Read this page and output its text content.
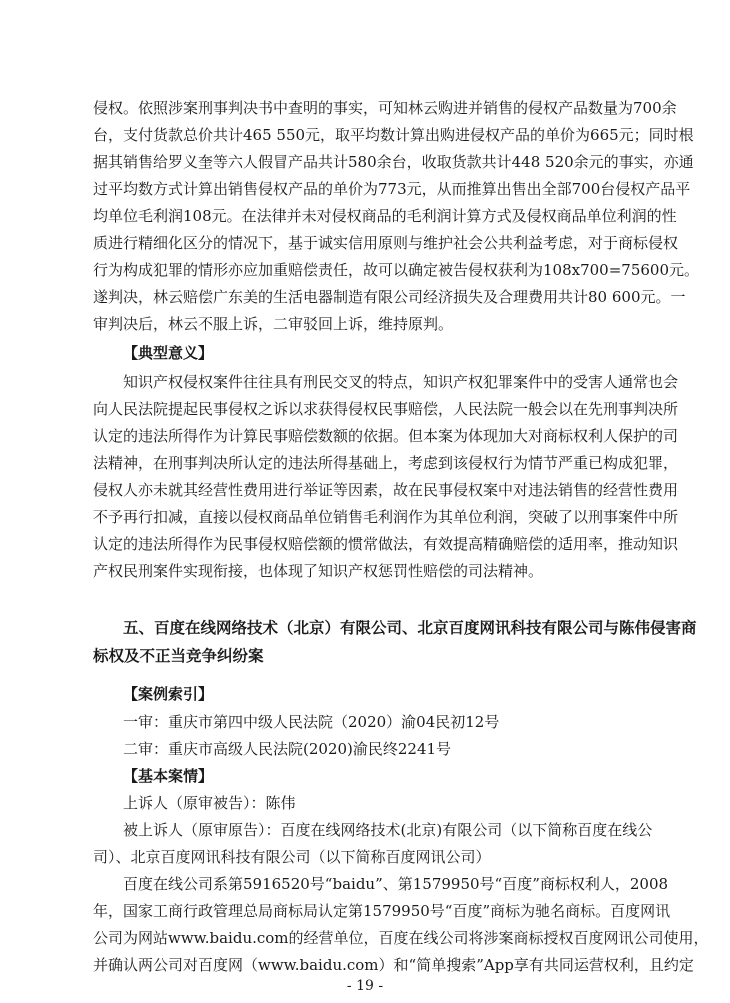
侵权。依照涉案刑事判决书中查明的事实，可知林云购进并销售的侵权产品数量为700余
台，支付货款总价共计465 550元，取平均数计算出购进侵权产品的单价为665元；同时根
据其销售给罗义奎等六人假冒产品共计580余台，收取货款共计448 520余元的事实，亦通
过平均数方式计算出销售侵权产品的单价为773元，从而推算出售出全部700台侵权产品平
均单位毛利润108元。在法律并未对侵权商品的毛利润计算方式及侵权商品单位利润的性
质进行精细化区分的情况下，基于诚实信用原则与维护社会公共利益考虑，对于商标侵权
行为构成犯罪的情形亦应加重赔偿责任，故可以确定被告侵权获利为108x700=75600元。
遂判决，林云赔偿广东美的生活电器制造有限公司经济损失及合理费用共计80 600元。一
审判决后，林云不服上诉，二审驳回上诉，维持原判。
【典型意义】
知识产权侵权案件往往具有刑民交叉的特点，知识产权犯罪案件中的受害人通常也会
向人民法院提起民事侵权之诉以求获得侵权民事赔偿，人民法院一般会以在先刑事判决所
认定的违法所得作为计算民事赔偿数额的依据。但本案为体现加大对商标权利人保护的司
法精神，在刑事判决所认定的违法所得基础上，考虑到该侵权行为情节严重已构成犯罪，
侵权人亦未就其经营性费用进行举证等因素，故在民事侵权案中对违法销售的经营性费用
不予再行扣减，直接以侵权商品单位销售毛利润作为其单位利润，突破了以刑事案件中所
认定的违法所得作为民事侵权赔偿额的惯常做法，有效提高精确赔偿的适用率，推动知识
产权民刑案件实现衔接，也体现了知识产权惩罚性赔偿的司法精神。
五、百度在线网络技术（北京）有限公司、北京百度网讯科技有限公司与陈伟侵害商
标权及不正当竞争纠纷案
【案例索引】
一审：重庆市第四中级人民法院（2020）渝04民初12号
二审：重庆市高级人民法院(2020)渝民终2241号
【基本案情】
上诉人（原审被告）：陈伟
被上诉人（原审原告）：百度在线网络技术(北京)有限公司（以下简称百度在线公
司）、北京百度网讯科技有限公司（以下简称百度网讯公司）
百度在线公司系第5916520号“baidu”、第1579950号“百度”商标权利人，2008
年，国家工商行政管理总局商标局认定第1579950号“百度”商标为驰名商标。百度网讯
公司为网站www.baidu.com的经营单位，百度在线公司将涉案商标授权百度网讯公司使用，
并确认两公司对百度网（www.baidu.com）和“简单搜索”App享有共同运营权利，且约定
- 19 -
